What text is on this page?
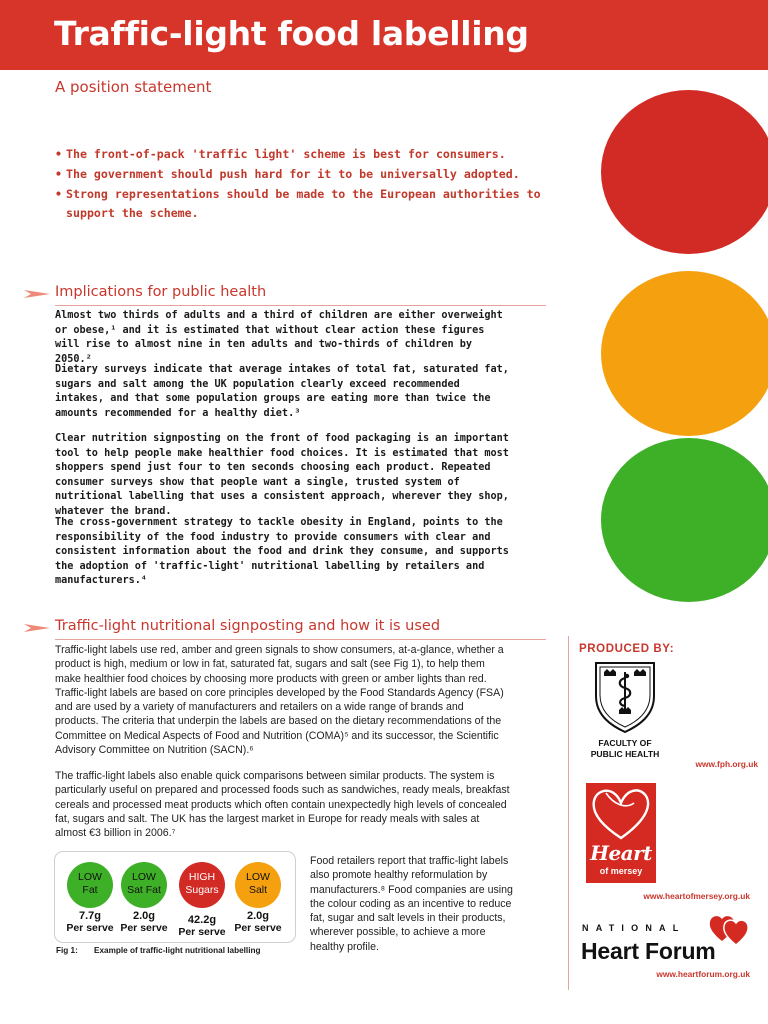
Traffic-light food labelling
A position statement
• The front-of-pack 'traffic light' scheme is best for consumers.
• The government should push hard for it to be universally adopted.
• Strong representations should be made to the European authorities to support the scheme.
Implications for public health

Almost two thirds of adults and a third of children are either overweight or obese,¹ and it is estimated that without clear action these figures will rise to almost nine in ten adults and two-thirds of children by 2050.²

Dietary surveys indicate that average intakes of total fat, saturated fat, sugars and salt among the UK population clearly exceed recommended intakes, and that some population groups are eating more than twice the amounts recommended for a healthy diet.³

Clear nutrition signposting on the front of food packaging is an important tool to help people make healthier food choices. It is estimated that most shoppers spend just four to ten seconds choosing each product. Repeated consumer surveys show that people want a single, trusted system of nutritional labelling that uses a consistent approach, wherever they shop, whatever the brand.

The cross-government strategy to tackle obesity in England, points to the responsibility of the food industry to provide consumers with clear and consistent information about the food and drink they consume, and supports the adoption of 'traffic-light' nutritional labelling by retailers and manufacturers.⁴

Traffic-light nutritional signposting and how it is used

Traffic-light labels use red, amber and green signals to show consumers, at-a-glance, whether a product is high, medium or low in fat, saturated fat, sugars and salt (see Fig 1), to help them make healthier food choices by choosing more products with green or amber lights than red. Traffic-light labels are based on core principles developed by the Food Standards Agency (FSA) and are used by a variety of manufacturers and retailers on a wide range of brands and products. The criteria that underpin the labels are based on the dietary recommendations of the Committee on Medical Aspects of Food and Nutrition (COMA)⁵ and its successor, the Scientific Advisory Committee on Nutrition (SACN).⁶

The traffic-light labels also enable quick comparisons between similar products. The system is particularly useful on prepared and processed foods such as sandwiches, ready meals, breakfast cereals and processed meat products which often contain unexpectedly high levels of concealed fat, sugars and salt. The UK has the largest market in Europe for ready meals with sales at almost €3 billion in 2006.⁷

Food retailers report that traffic-light labels also promote healthy reformulation by manufacturers.⁸ Food companies are using the colour coding as an incentive to reduce fat, sugar and salt levels in their products, wherever possible, to achieve a more healthy profile.

LOW
Fat
LOW
Sat Fat
HIGH
Sugars
LOW
Salt
7.7g
Per serve
2.0g
Per serve
42.2g
Per serve
2.0g
Per serve
Fig 1: Example of traffic-light nutritional labelling
PRODUCED BY:
FACULTY OF
PUBLIC HEALTH
www.fph.org.uk
Heart
of mersey
www.heartofmersey.org.uk
NATIONAL
Heart Forum
www.heartforum.org.uk
